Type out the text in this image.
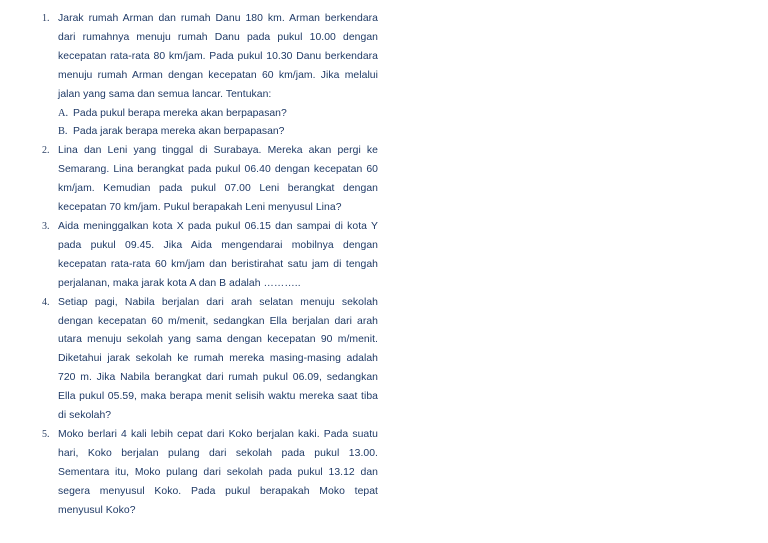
1. Jarak rumah Arman dan rumah Danu 180 km. Arman berkendara dari rumahnya menuju rumah Danu pada pukul 10.00 dengan kecepatan rata-rata 80 km/jam. Pada pukul 10.30 Danu berkendara menuju rumah Arman dengan kecepatan 60 km/jam. Jika melalui jalan yang sama dan semua lancar. Tentukan:
A. Pada pukul berapa mereka akan berpapasan?
B. Pada jarak berapa mereka akan berpapasan?
2. Lina dan Leni yang tinggal di Surabaya. Mereka akan pergi ke Semarang. Lina berangkat pada pukul 06.40 dengan kecepatan 60 km/jam. Kemudian pada pukul 07.00 Leni berangkat dengan kecepatan 70 km/jam. Pukul berapakah Leni menyusul Lina?
3. Aida meninggalkan kota X pada pukul 06.15 dan sampai di kota Y pada pukul 09.45. Jika Aida mengendarai mobilnya dengan kecepatan rata-rata 60 km/jam dan beristirahat satu jam di tengah perjalanan, maka jarak kota A dan B adalah ………..
4. Setiap pagi, Nabila berjalan dari arah selatan menuju sekolah dengan kecepatan 60 m/menit, sedangkan Ella berjalan dari arah utara menuju sekolah yang sama dengan kecepatan 90 m/menit. Diketahui jarak sekolah ke rumah mereka masing-masing adalah 720 m. Jika Nabila berangkat dari rumah pukul 06.09, sedangkan Ella pukul 05.59, maka berapa menit selisih waktu mereka saat tiba di sekolah?
5. Moko berlari 4 kali lebih cepat dari Koko berjalan kaki. Pada suatu hari, Koko berjalan pulang dari sekolah pada pukul 13.00. Sementara itu, Moko pulang dari sekolah pada pukul 13.12 dan segera menyusul Koko. Pada pukul berapakah Moko tepat menyusul Koko?
